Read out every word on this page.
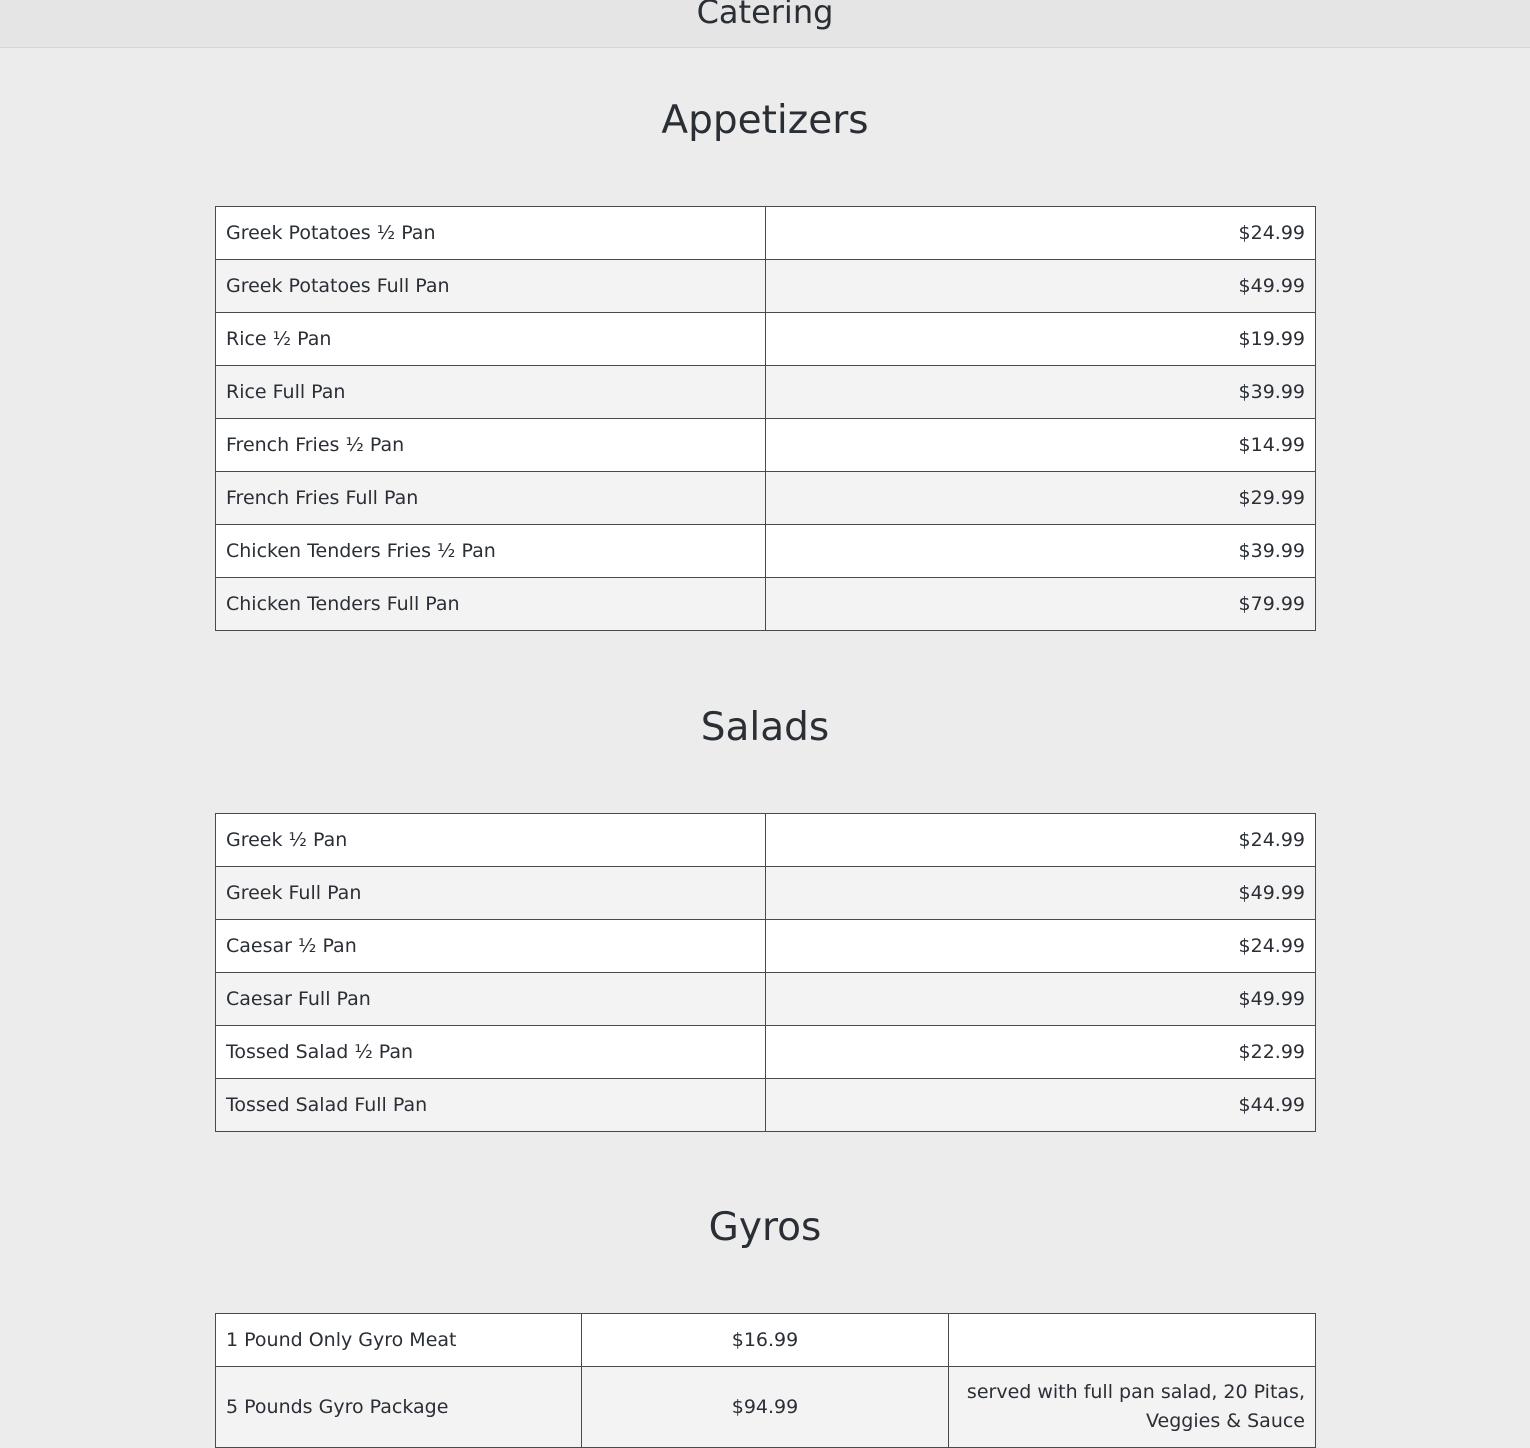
Catering
Appetizers
Greek Potatoes ½ Pan	$24.99
Greek Potatoes Full Pan	$49.99
Rice ½ Pan	$19.99
Rice Full Pan	$39.99
French Fries ½ Pan	$14.99
French Fries Full Pan	$29.99
Chicken Tenders Fries ½ Pan	$39.99
Chicken Tenders Full Pan	$79.99
Salads
Greek ½ Pan	$24.99
Greek Full Pan	$49.99
Caesar ½ Pan	$24.99
Caesar Full Pan	$49.99
Tossed Salad ½ Pan	$22.99
Tossed Salad Full Pan	$44.99
Gyros
1 Pound Only Gyro Meat	$16.99	
5 Pounds Gyro Package	$94.99	served with full pan salad, 20 Pitas, Veggies & Sauce
